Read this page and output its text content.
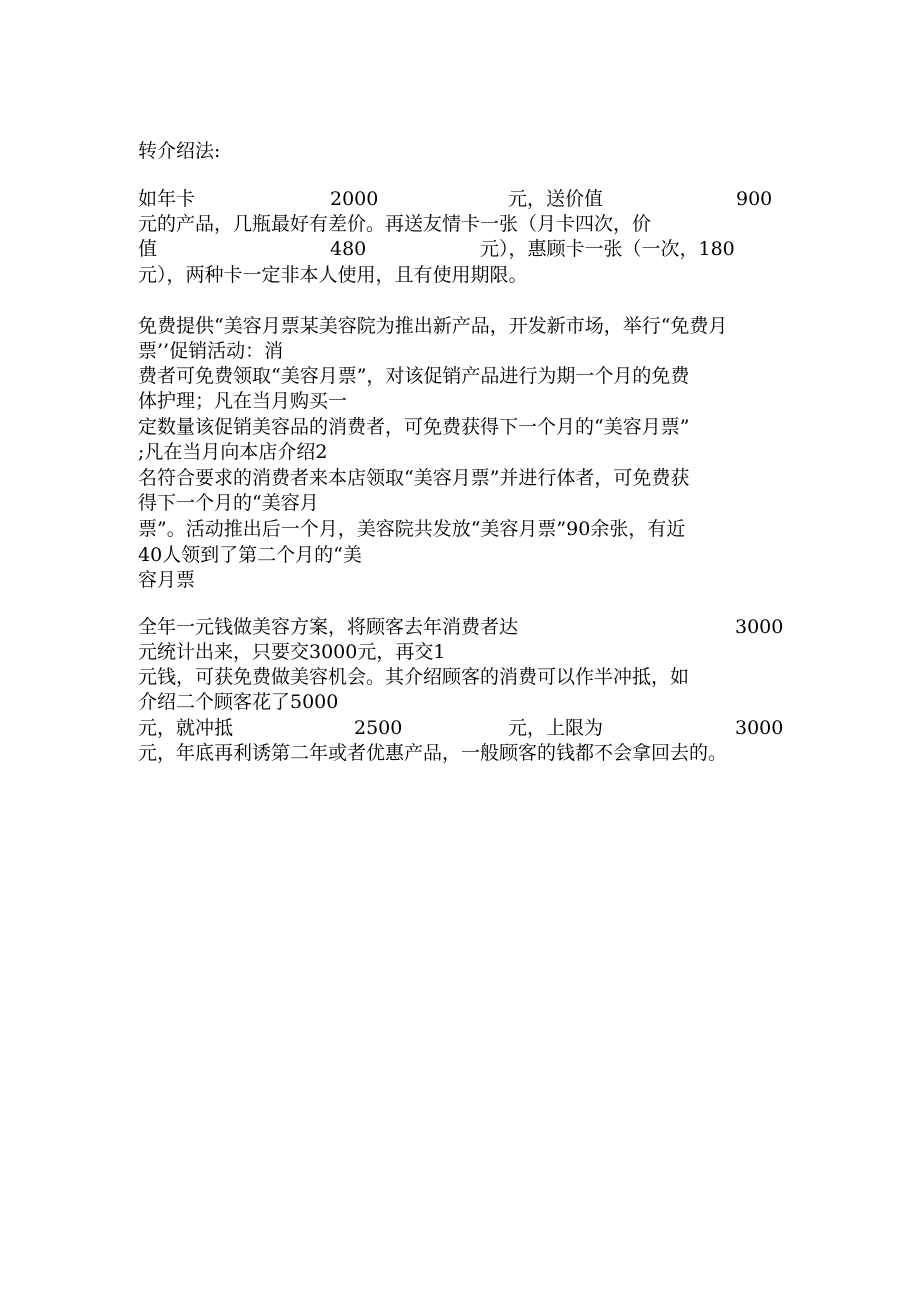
转介绍法:
如年卡	2000	元，送价值	900
元的产品，几瓶最好有差价。再送友情卡一张（月卡四次，价
值	480	元），惠顾卡一张（一次，180
元），两种卡一定非本人使用，且有使用期限。
免费提供“美容月票某美容院为推出新产品，开发新市场，举行“免费月
票’’促销活动：消
费者可免费领取“美容月票”，对该促销产品进行为期一个月的免费
体护理；凡在当月购买一
定数量该促销美容品的消费者，可免费获得下一个月的“美容月票”
;凡在当月向本店介绍2
名符合要求的消费者来本店领取“美容月票”并进行体者，可免费获
得下一个月的“美容月
票”。活动推出后一个月，美容院共发放“美容月票”90余张，有近
40人领到了第二个月的“美
容月票
全年一元钱做美容方案，将顾客去年消费者达	3000
元统计出来，只要交3000元，再交1
元钱，可获免费做美容机会。其介绍顾客的消费可以作半冲抵，如
介绍二个顾客花了5000
元，就冲抵	2500	元，上限为	3000
元，年底再利诱第二年或者优惠产品，一般顾客的钱都不会拿回去的。
